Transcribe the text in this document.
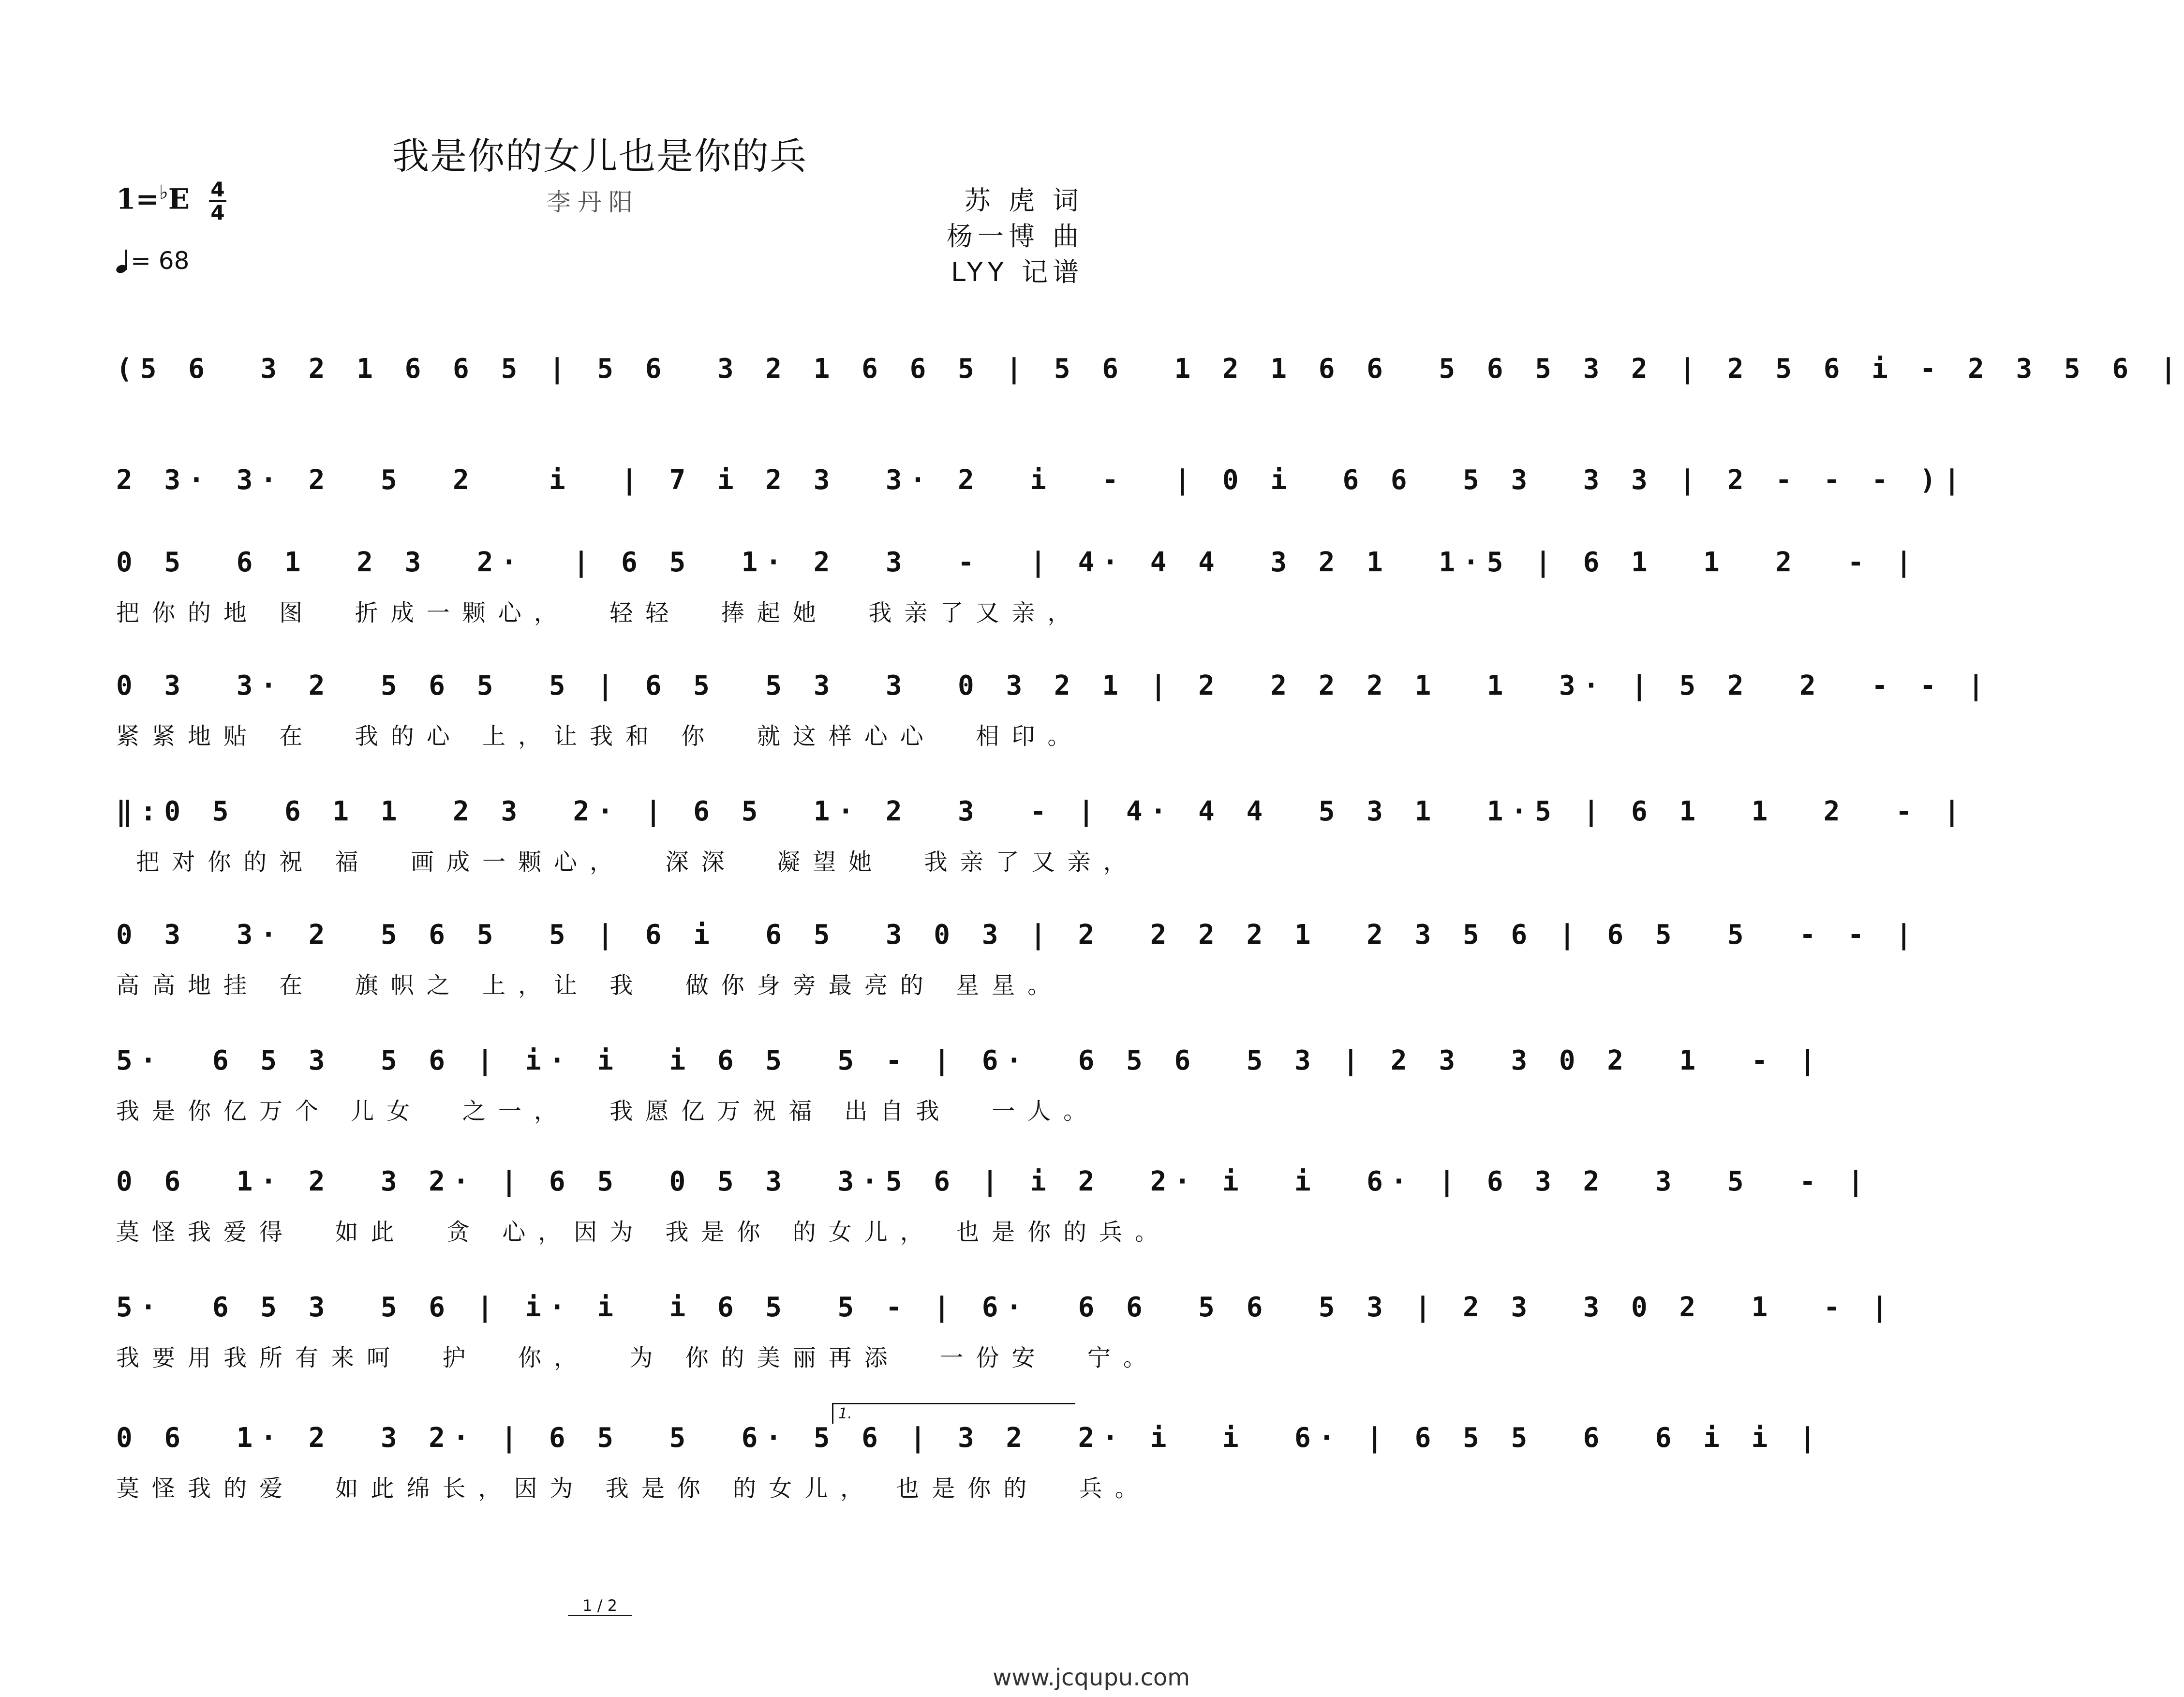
我是你的女儿也是你的兵
李丹阳	苏 虎 词
杨一博 曲
LYY 记谱
1=♭E 4
4
= 68
(5 6  3 2 1 6 6 5 | 5 6  3 2 1 6 6 5 | 5 6  1 2 1 6 6  5 6 5 3 2 | 2 5 6 i - 2 3 5 6 |
2 3· 3· 2  5  2   i  | 7 i 2 3  3· 2  i  -  | 0 i  6 6  5 3  3 3 | 2 - - - )|
0 5  6 1  2 3  2·  | 6 5  1· 2  3  -  | 4· 4 4  3 2 1  1·5 | 6 1  1  2  - |
把你的地 图  折成一颗心，  轻轻  捧起她  我亲了又亲，
0 3  3· 2  5 6 5  5 | 6 5  5 3  3  0 3 2 1 | 2  2 2 2 1  1  3· | 5 2  2  - - |
紧紧地贴 在  我的心 上，让我和 你  就这样心心  相印。
‖:0 5  6 1 1  2 3  2· | 6 5  1· 2  3  - | 4· 4 4  5 3 1  1·5 | 6 1  1  2  - |
把对你的祝 福  画成一颗心，  深深  凝望她  我亲了又亲，
0 3  3· 2  5 6 5  5 | 6 i  6 5  3 0 3 | 2  2 2 2 1  2 3 5 6 | 6 5  5  - - |
高高地挂 在  旗帜之 上，让 我  做你身旁最亮的 星星。
5·  6 5 3  5 6 | i· i  i 6 5  5 - | 6·  6 5 6  5 3 | 2 3  3 0 2  1  - |
我是你亿万个 儿女  之一，  我愿亿万祝福 出自我  一人。
0 6  1· 2  3 2· | 6 5  0 5 3  3·5 6 | i 2  2· i  i  6· | 6 3 2  3  5  - |
莫怪我爱得  如此  贪 心，因为 我是你 的女儿， 也是你的兵。
5·  6 5 3  5 6 | i· i  i 6 5  5 - | 6·  6 6  5 6  5 3 | 2 3  3 0 2  1  - |
我要用我所有来呵  护  你，  为 你的美丽再添  一份安  宁。
0 6  1· 2  3 2· | 6 5  5  6· 5 6 | 3 2  2· i  i  6· | 6 5 5  6  6 i i |
莫怪我的爱  如此绵长，因为 我是你 的女儿， 也是你的  兵。
1.
1 / 2
www.jcqupu.com
